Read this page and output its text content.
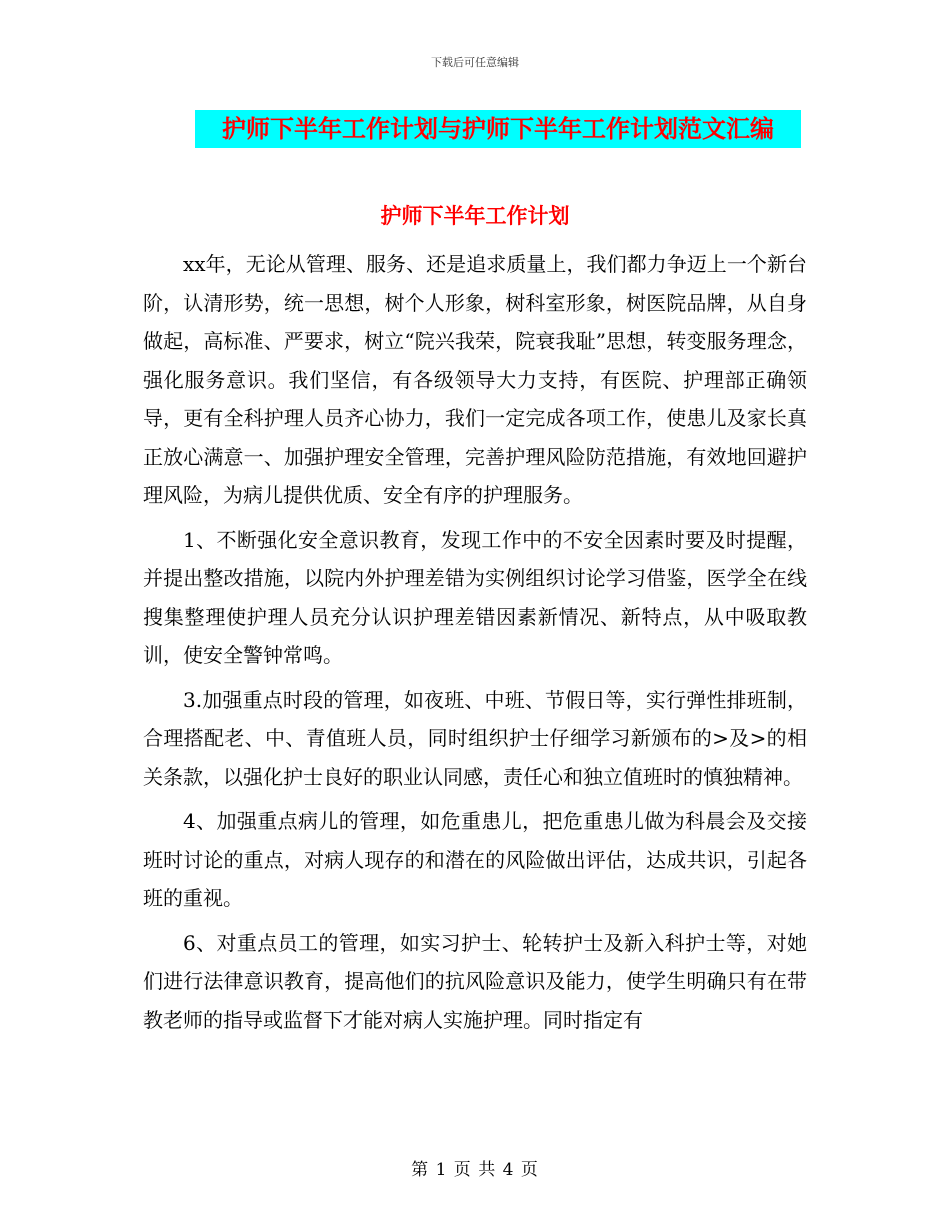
下载后可任意编辑
护师下半年工作计划与护师下半年工作计划范文汇编
护师下半年工作计划

xx年，无论从管理、服务、还是追求质量上，我们都力争迈上一个新台阶，认清形势，统一思想，树个人形象，树科室形象，树医院品牌，从自身做起，高标准、严要求，树立“院兴我荣，院衰我耻”思想，转变服务理念，强化服务意识。我们坚信，有各级领导大力支持，有医院、护理部正确领导，更有全科护理人员齐心协力，我们一定完成各项工作，使患儿及家长真正放心满意一、加强护理安全管理，完善护理风险防范措施，有效地回避护理风险，为病儿提供优质、安全有序的护理服务。

1、不断强化安全意识教育，发现工作中的不安全因素时要及时提醒，并提出整改措施，以院内外护理差错为实例组织讨论学习借鉴，医学全在线搜集整理使护理人员充分认识护理差错因素新情况、新特点，从中吸取教训，使安全警钟常鸣。

3.加强重点时段的管理，如夜班、中班、节假日等，实行弹性排班制，合理搭配老、中、青值班人员，同时组织护士仔细学习新颁布的>及>的相关条款，以强化护士良好的职业认同感，责任心和独立值班时的慎独精神。

4、加强重点病儿的管理，如危重患儿，把危重患儿做为科晨会及交接班时讨论的重点，对病人现存的和潜在的风险做出评估，达成共识，引起各班的重视。

6、对重点员工的管理，如实习护士、轮转护士及新入科护士等，对她们进行法律意识教育，提高他们的抗风险意识及能力，使学生明确只有在带教老师的指导或监督下才能对病人实施护理。同时指定有

第 1 页 共 4 页
